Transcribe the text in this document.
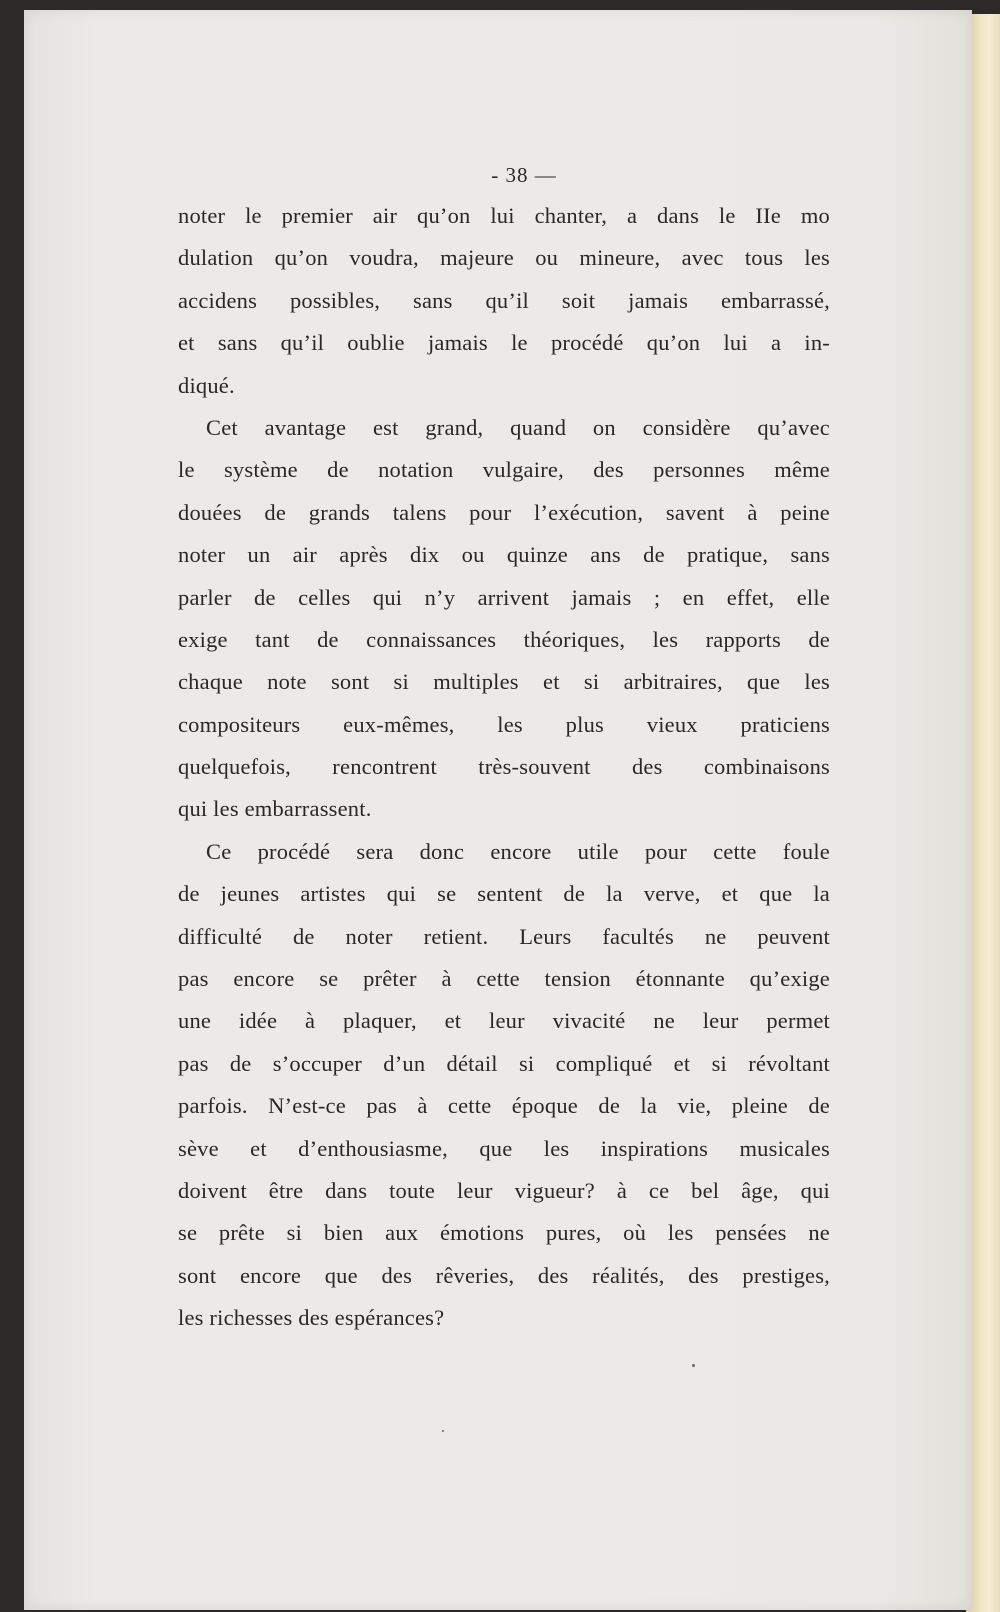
- 38 —
noter le premier air qu’on lui chanter, a dans le IIe mo
dulation qu’on voudra, majeure ou mineure, avec tous les
accidens possibles, sans qu’il soit jamais embarrassé,
et sans qu’il oublie jamais le procédé qu’on lui a in-
diqué.
Cet avantage est grand, quand on considère qu’avec
le système de notation vulgaire, des personnes même
douées de grands talens pour l’exécution, savent à peine
noter un air après dix ou quinze ans de pratique, sans
parler de celles qui n’y arrivent jamais ; en effet, elle
exige tant de connaissances théoriques, les rapports de
chaque note sont si multiples et si arbitraires, que les
compositeurs eux-mêmes, les plus vieux praticiens
quelquefois, rencontrent très-souvent des combinaisons
qui les embarrassent.
Ce procédé sera donc encore utile pour cette foule
de jeunes artistes qui se sentent de la verve, et que la
difficulté de noter retient. Leurs facultés ne peuvent
pas encore se prêter à cette tension étonnante qu’exige
une idée à plaquer, et leur vivacité ne leur permet
pas de s’occuper d’un détail si compliqué et si révoltant
parfois. N’est-ce pas à cette époque de la vie, pleine de
sève et d’enthousiasme, que les inspirations musicales
doivent être dans toute leur vigueur? à ce bel âge, qui
se prête si bien aux émotions pures, où les pensées ne
sont encore que des rêveries, des réalités, des prestiges,
les richesses des espérances?
